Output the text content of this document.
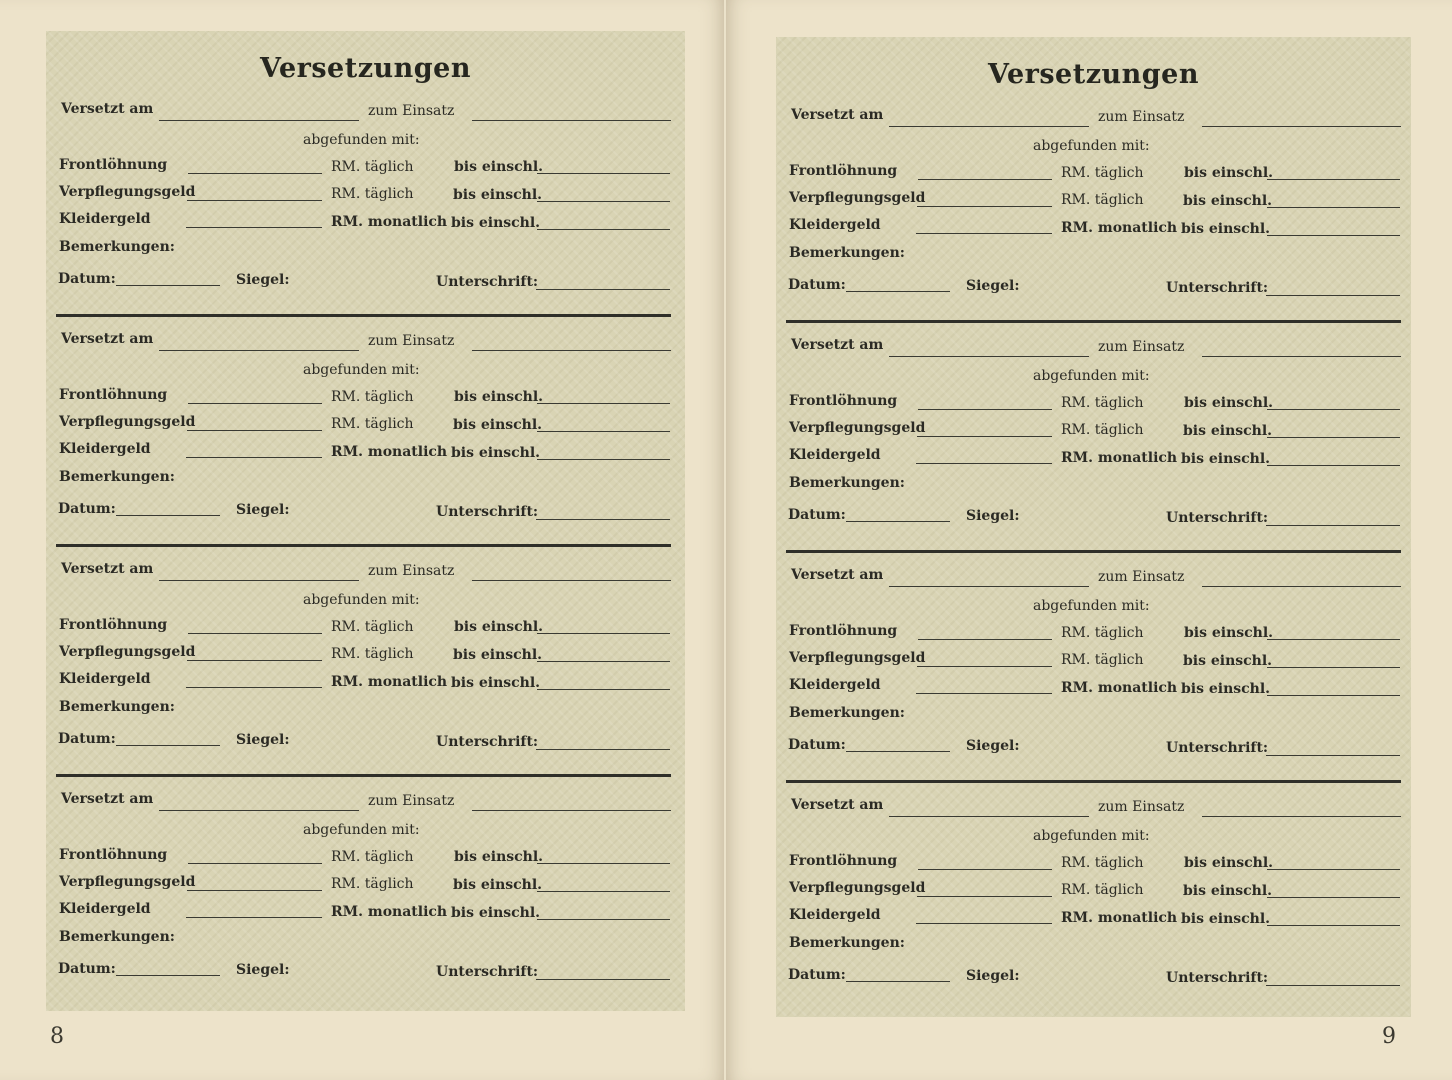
Versetzungen
Versetzt am	zum Einsatz
abgefunden mit:
Frontlöhnung	RM. täglich	bis einschl.
Verpflegungsgeld	RM. täglich	bis einschl.
Kleidergeld	RM. monatlich bis einschl.
Bemerkungen:
Datum:	Siegel:	Unterschrift:
Versetzt am	zum Einsatz
abgefunden mit:
Frontlöhnung	RM. täglich	bis einschl.
Verpflegungsgeld	RM. täglich	bis einschl.
Kleidergeld	RM. monatlich bis einschl.
Bemerkungen:
Datum:	Siegel:	Unterschrift:
Versetzt am	zum Einsatz
abgefunden mit:
Frontlöhnung	RM. täglich	bis einschl.
Verpflegungsgeld	RM. täglich	bis einschl.
Kleidergeld	RM. monatlich bis einschl.
Bemerkungen:
Datum:	Siegel:	Unterschrift:
Versetzt am	zum Einsatz
abgefunden mit:
Frontlöhnung	RM. täglich	bis einschl.
Verpflegungsgeld	RM. täglich	bis einschl.
Kleidergeld	RM. monatlich bis einschl.
Bemerkungen:
Datum:	Siegel:	Unterschrift:
8
Versetzungen
Versetzt am	zum Einsatz
abgefunden mit:
Frontlöhnung	RM. täglich	bis einschl.
Verpflegungsgeld	RM. täglich	bis einschl.
Kleidergeld	RM. monatlich bis einschl.
Bemerkungen:
Datum:	Siegel:	Unterschrift:
Versetzt am	zum Einsatz
abgefunden mit:
Frontlöhnung	RM. täglich	bis einschl.
Verpflegungsgeld	RM. täglich	bis einschl.
Kleidergeld	RM. monatlich bis einschl.
Bemerkungen:
Datum:	Siegel:	Unterschrift:
Versetzt am	zum Einsatz
abgefunden mit:
Frontlöhnung	RM. täglich	bis einschl.
Verpflegungsgeld	RM. täglich	bis einschl.
Kleidergeld	RM. monatlich bis einschl.
Bemerkungen:
Datum:	Siegel:	Unterschrift:
Versetzt am	zum Einsatz
abgefunden mit:
Frontlöhnung	RM. täglich	bis einschl.
Verpflegungsgeld	RM. täglich	bis einschl.
Kleidergeld	RM. monatlich bis einschl.
Bemerkungen:
Datum:	Siegel:	Unterschrift:
9
